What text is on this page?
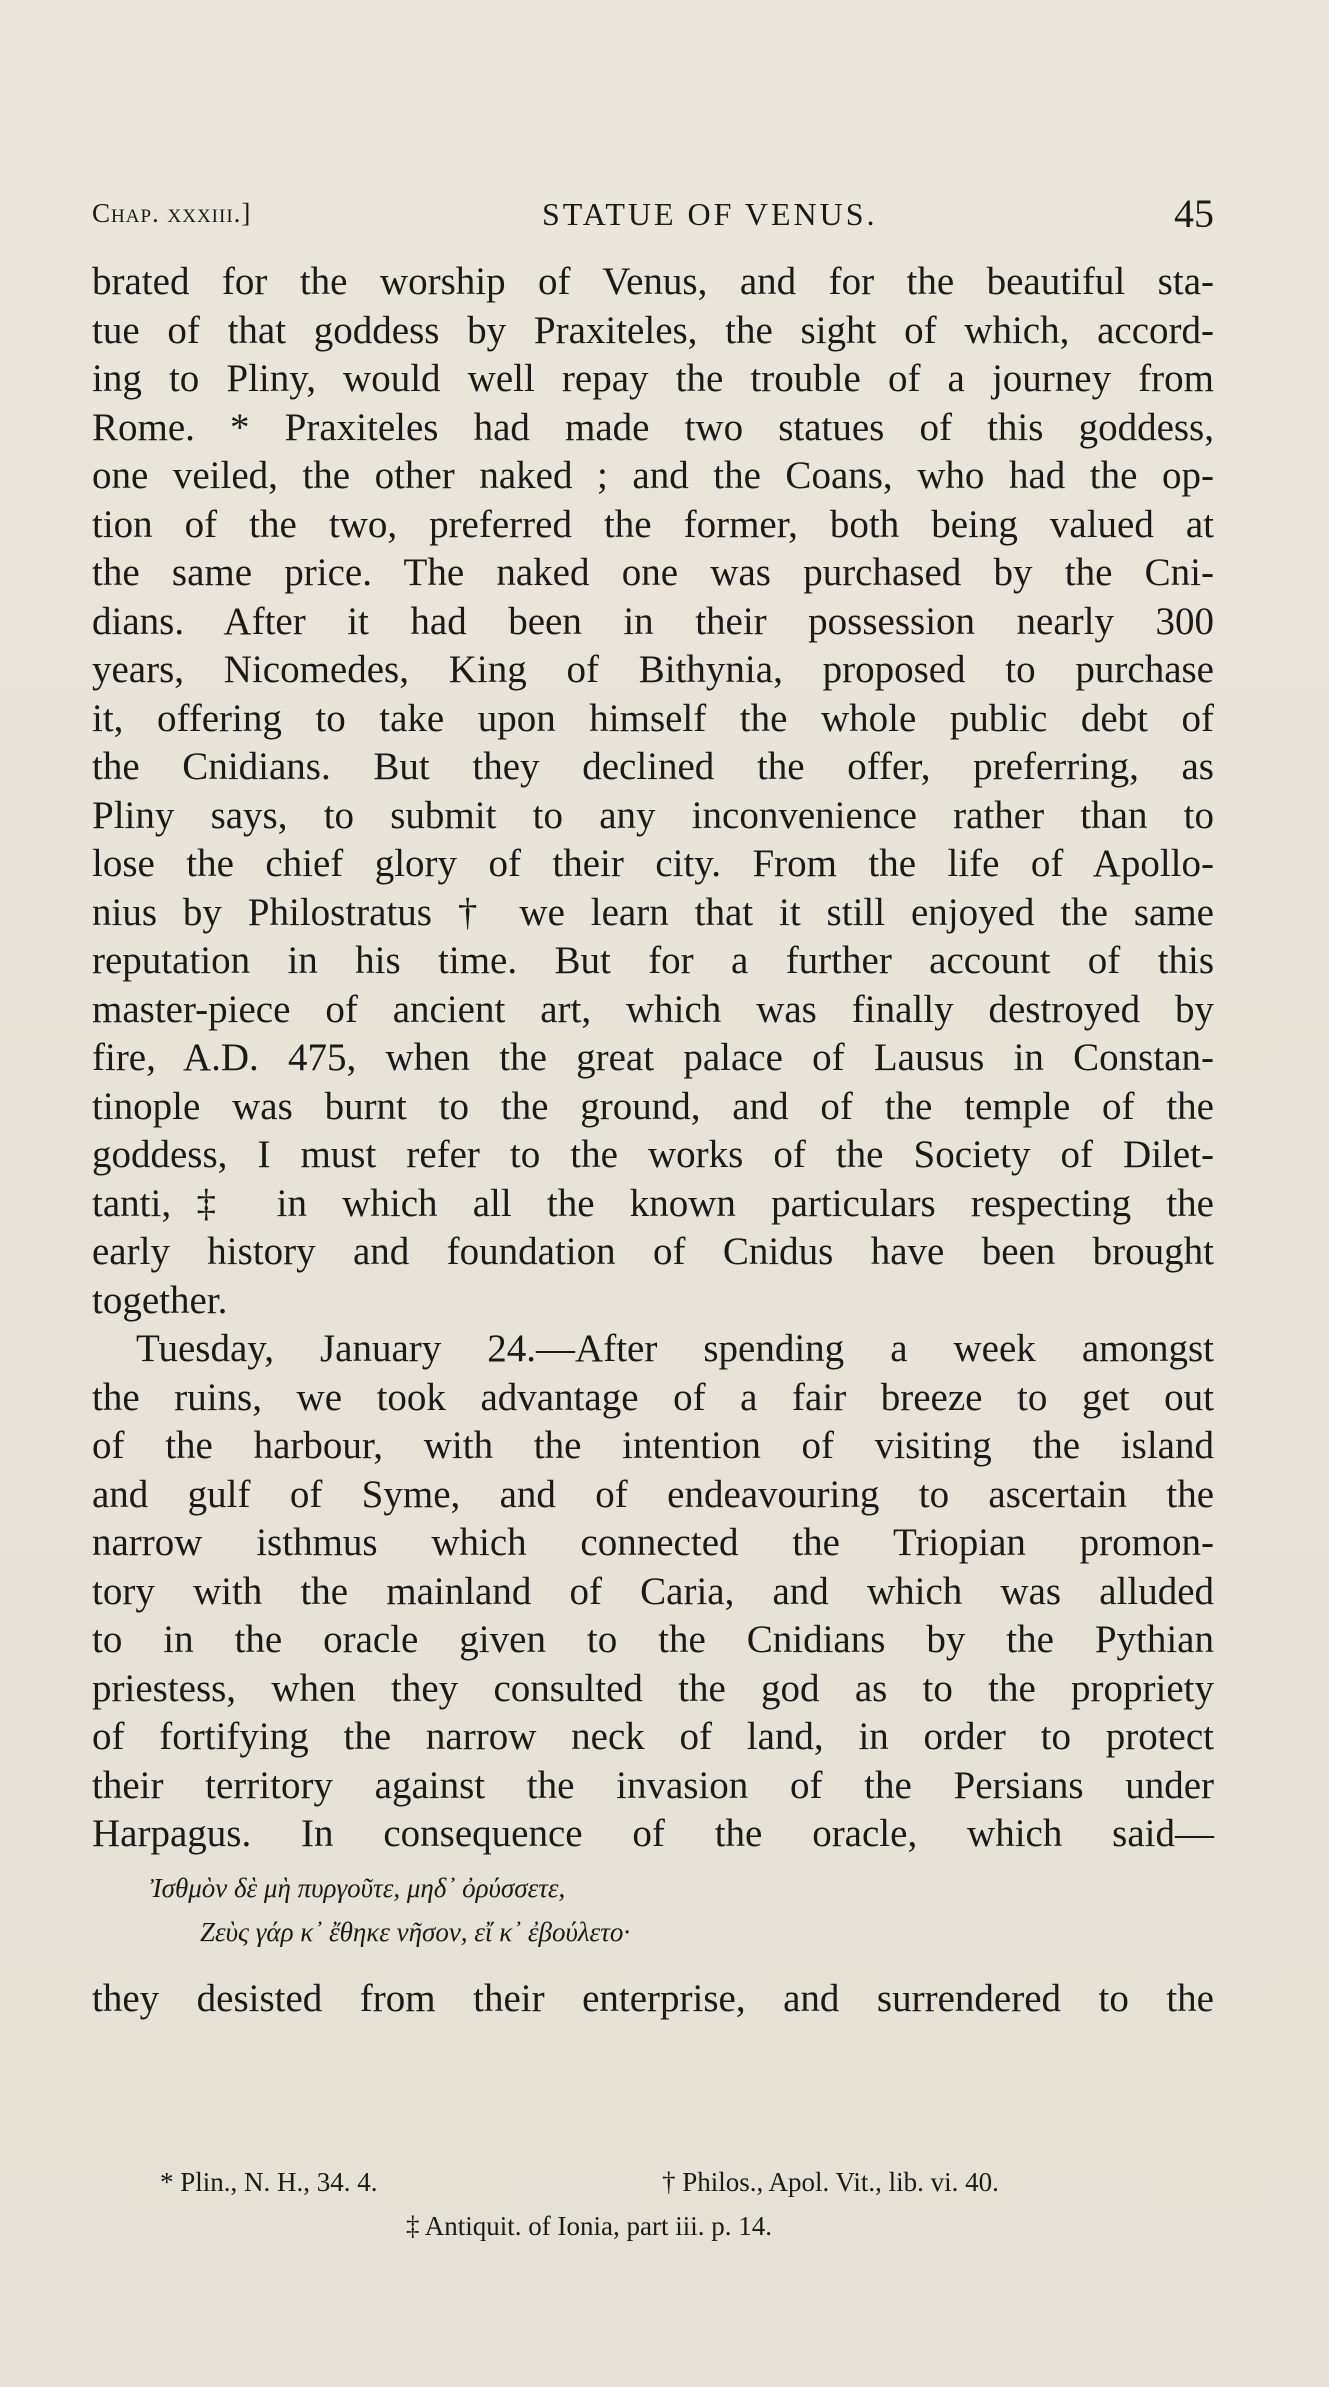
Chap. xxxiii.]	STATUE OF VENUS.	45
brated for the worship of Venus, and for the beautiful sta-
tue of that goddess by Praxiteles, the sight of which, accord-
ing to Pliny, would well repay the trouble of a journey from
Rome. * Praxiteles had made two statues of this goddess,
one veiled, the other naked ; and the Coans, who had the op-
tion of the two, preferred the former, both being valued at
the same price. The naked one was purchased by the Cni-
dians. After it had been in their possession nearly 300
years, Nicomedes, King of Bithynia, proposed to purchase
it, offering to take upon himself the whole public debt of
the Cnidians. But they declined the offer, preferring, as
Pliny says, to submit to any inconvenience rather than to
lose the chief glory of their city. From the life of Apollo-
nius by Philostratus † we learn that it still enjoyed the same
reputation in his time. But for a further account of this
master-piece of ancient art, which was finally destroyed by
fire, A.D. 475, when the great palace of Lausus in Constan-
tinople was burnt to the ground, and of the temple of the
goddess, I must refer to the works of the Society of Dilet-
tanti,‡ in which all the known particulars respecting the
early history and foundation of Cnidus have been brought
together.
Tuesday, January 24.—After spending a week amongst
the ruins, we took advantage of a fair breeze to get out
of the harbour, with the intention of visiting the island
and gulf of Syme, and of endeavouring to ascertain the
narrow isthmus which connected the Triopian promon-
tory with the mainland of Caria, and which was alluded
to in the oracle given to the Cnidians by the Pythian
priestess, when they consulted the god as to the propriety
of fortifying the narrow neck of land, in order to protect
their territory against the invasion of the Persians under
Harpagus. In consequence of the oracle, which said—
Ἰσθμὸν δὲ μὴ πυργοῦτε, μηδ᾽ ὀρύσσετε,
Ζεὺς γάρ κ᾽ ἔθηκε νῆσον, εἴ κ᾽ ἐβούλετο·
they desisted from their enterprise, and surrendered to the
* Plin., N. H., 34. 4.	† Philos., Apol. Vit., lib. vi. 40.
‡ Antiquit. of Ionia, part iii. p. 14.
